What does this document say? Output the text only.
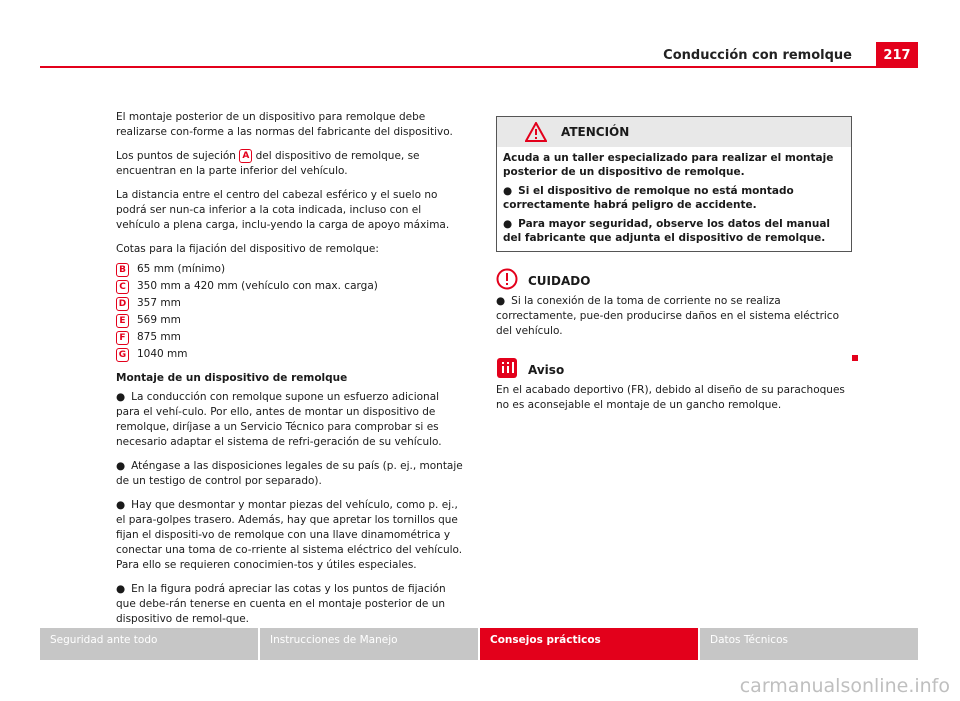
Conducción con remolque	217

El montaje posterior de un dispositivo para remolque debe realizarse con-forme a las normas del fabricante del dispositivo.

Los puntos de sujeción A del dispositivo de remolque, se encuentran en la parte inferior del vehículo.

La distancia entre el centro del cabezal esférico y el suelo no podrá ser nun-ca inferior a la cota indicada, incluso con el vehículo a plena carga, inclu-yendo la carga de apoyo máxima.

Cotas para la fijación del dispositivo de remolque:

B 65 mm (mínimo)
C	350 mm a 420 mm (vehículo con max. carga)
D 357 mm
E	569 mm
F	875 mm
G 1040 mm
Montaje de un dispositivo de remolque

● La conducción con remolque supone un esfuerzo adicional para el vehí-culo. Por ello, antes de montar un dispositivo de remolque, diríjase a un Servicio Técnico para comprobar si es necesario adaptar el sistema de refri-geración de su vehículo.

● Aténgase a las disposiciones legales de su país (p. ej., montaje de un testigo de control por separado).

● Hay que desmontar y montar piezas del vehículo, como p. ej., el para-golpes trasero. Además, hay que apretar los tornillos que fijan el dispositi-vo de remolque con una llave dinamométrica y conectar una toma de co-rriente al sistema eléctrico del vehículo. Para ello se requieren conocimien-tos y útiles especiales.

● En la figura podrá apreciar las cotas y los puntos de fijación que debe-rán tenerse en cuenta en el montaje posterior de un dispositivo de remol-que.

ATENCIÓN

Acuda a un taller especializado para realizar el montaje posterior de un dispositivo de remolque.

● Si el dispositivo de remolque no está montado correctamente habrá peligro de accidente.

● Para mayor seguridad, observe los datos del manual del fabricante que adjunta el dispositivo de remolque.

CUIDADO

● Si la conexión de la toma de corriente no se realiza correctamente, pue-den producirse daños en el sistema eléctrico del vehículo.

Aviso

En el acabado deportivo (FR), debido al diseño de su parachoques no es aconsejable el montaje de un gancho remolque.

Seguridad ante todo	Instrucciones de Manejo	Consejos prácticos	Datos Técnicos
carmanualsonline.info
